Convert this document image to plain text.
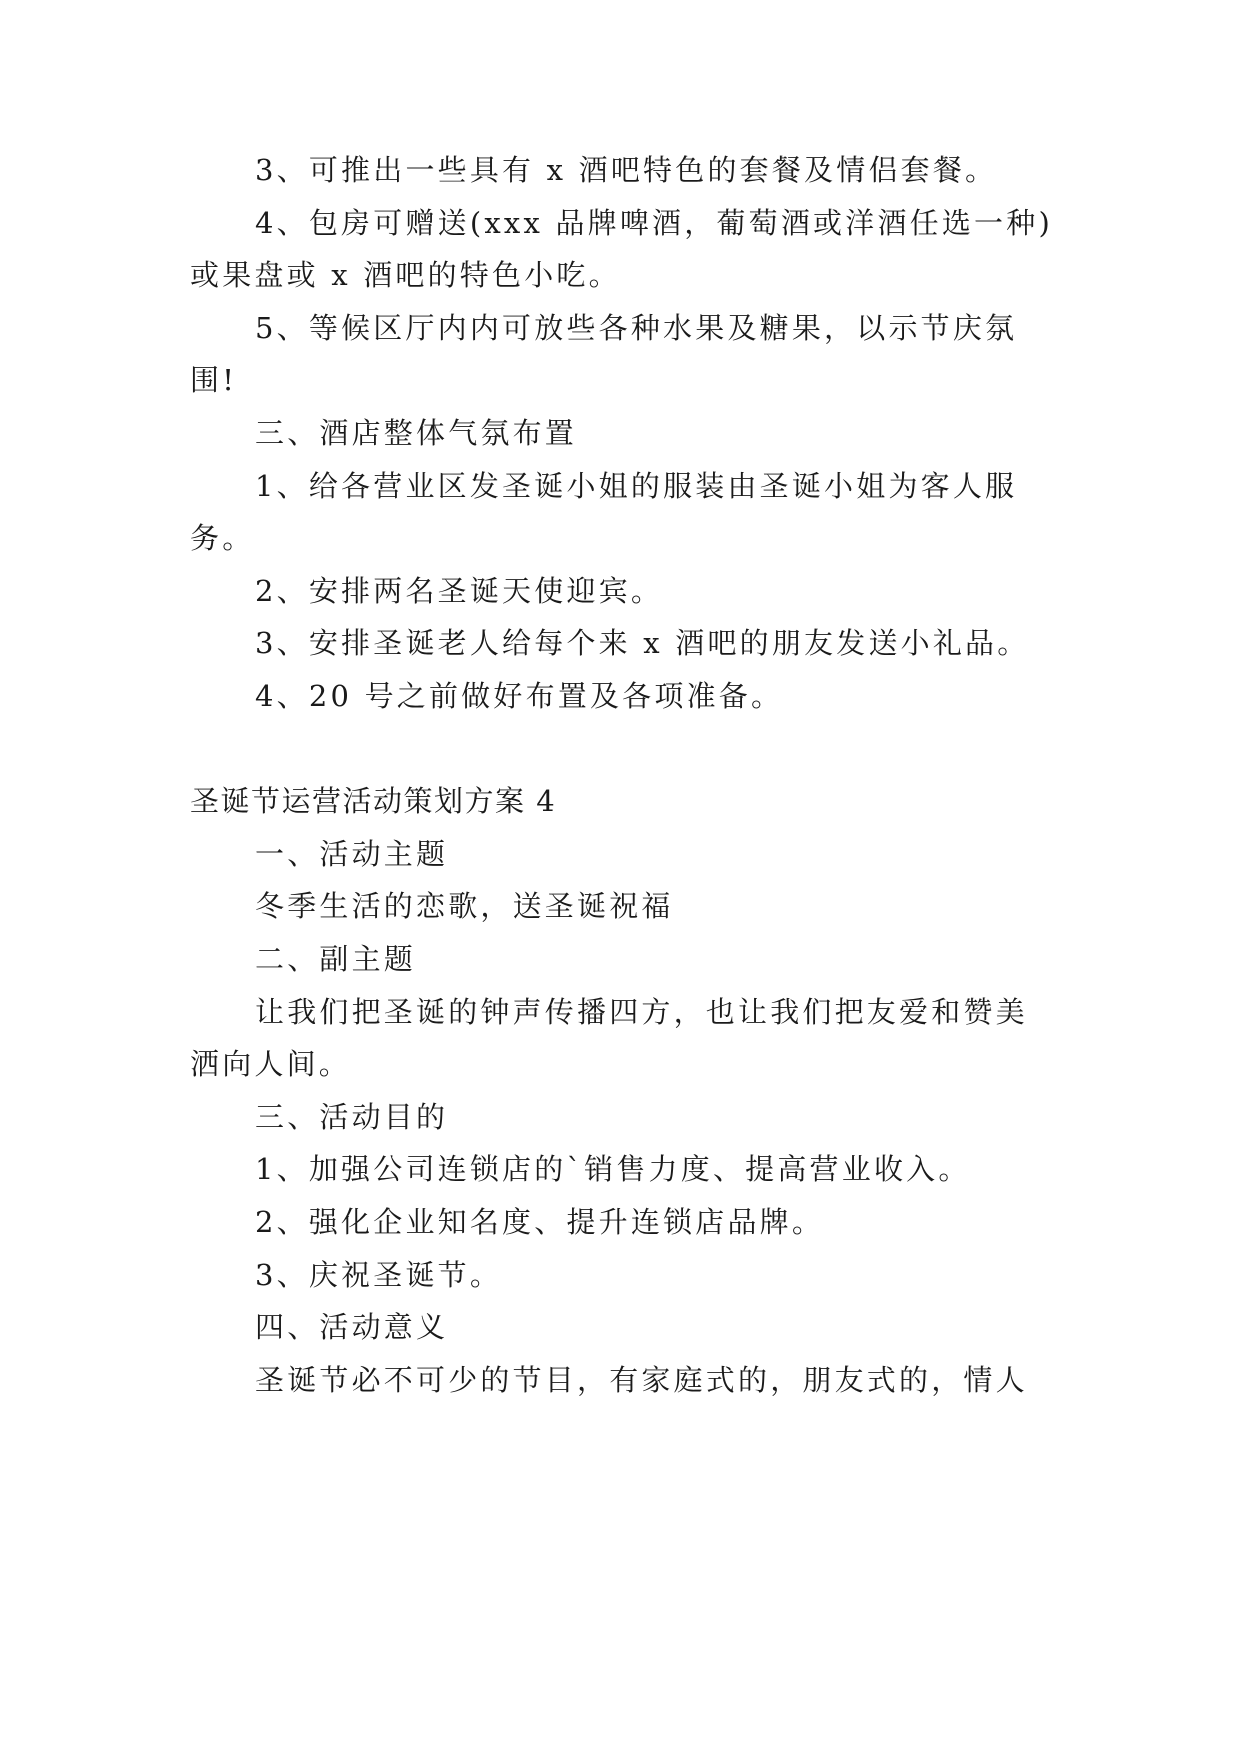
3、可推出一些具有 x 酒吧特色的套餐及情侣套餐。
4、包房可赠送(xxx 品牌啤酒，葡萄酒或洋酒任选一种)
或果盘或 x 酒吧的特色小吃。
5、等候区厅内内可放些各种水果及糖果，以示节庆氛
围!
三、酒店整体气氛布置
1、给各营业区发圣诞小姐的服装由圣诞小姐为客人服
务。
2、安排两名圣诞天使迎宾。
3、安排圣诞老人给每个来 x 酒吧的朋友发送小礼品。
4、20 号之前做好布置及各项准备。
圣诞节运营活动策划方案 4
一、活动主题
冬季生活的恋歌，送圣诞祝福
二、副主题
让我们把圣诞的钟声传播四方，也让我们把友爱和赞美
洒向人间。
三、活动目的
1、加强公司连锁店的`销售力度、提高营业收入。
2、强化企业知名度、提升连锁店品牌。
3、庆祝圣诞节。
四、活动意义
圣诞节必不可少的节目，有家庭式的，朋友式的，情人
